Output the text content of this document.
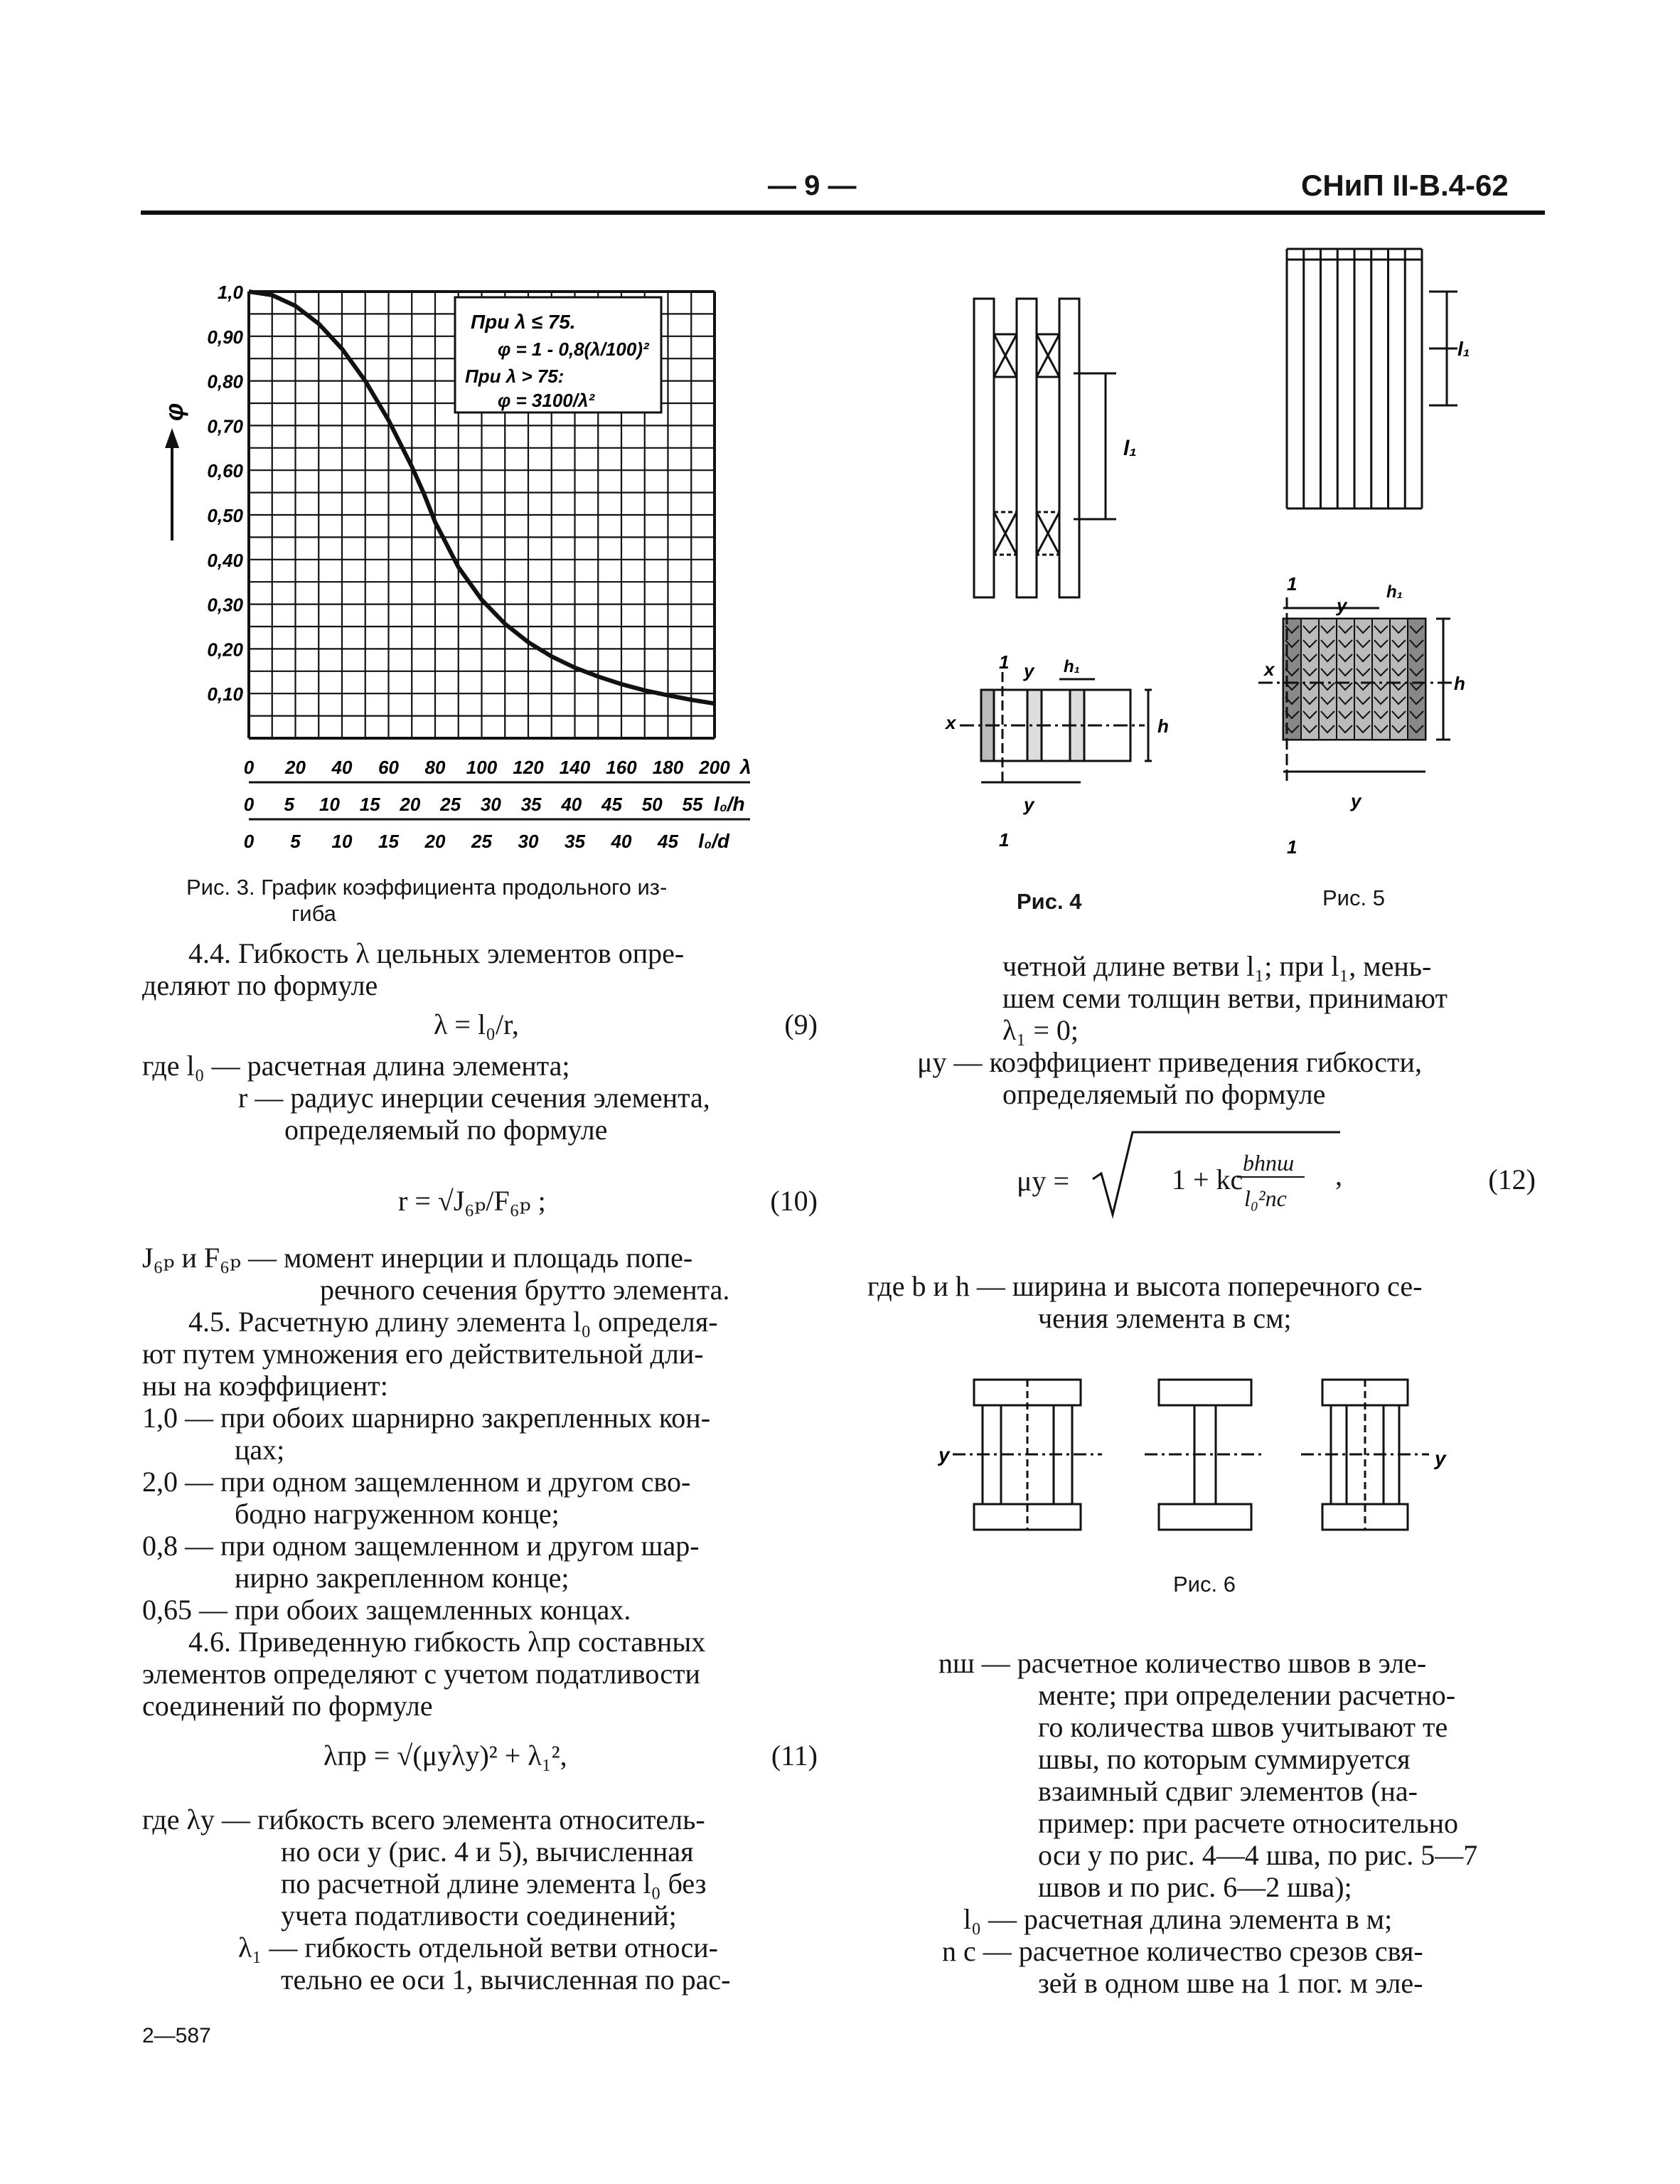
— 9 —	СНиП II-В.4-62
1,0
0,90
0,80
0,70
0,60
0,50
0,40
0,30
0,20
0,10
0 20 40 60 80 100 120 140 160 180 200 λ
0 5 10 15 20 25 30 35 40 45 50 55 l₀/h
0 5 10 15 20 25 30 35 40 45 l₀/d
φ
При λ ≤ 75.
φ = 1 - 0,8(λ/100)²
При λ > 75:
φ = 3100/λ²
Рис. 3. График коэффициента продольного из-
гиба
l₁
y h₁
x	h
1
y
1
Рис. 4
l₁
y
h₁
x
h
1
y
1
Рис. 5
y	y
Рис. 6
4.4. Гибкость λ цельных элементов опре-
деляют по формуле
λ = l₀/r,	(9)
где l₀ — расчетная длина элемента;
r — радиус инерции сечения элемента,
определяемый по формуле
r = √J₆ₚ/F₆ₚ ;	(10)
J₆ₚ и F₆ₚ — момент инерции и площадь попе-
речного сечения брутто элемента.
4.5. Расчетную длину элемента l₀ определя-
ют путем умножения его действительной дли-
ны на коэффициент:
1,0 — при обоих шарнирно закрепленных кон-
цах;
2,0 — при одном защемленном и другом сво-
бодно нагруженном конце;
0,8 — при одном защемленном и другом шар-
нирно закрепленном конце;
0,65 — при обоих защемленных концах.
4.6. Приведенную гибкость λпр составных
элементов определяют с учетом податливости
соединений по формуле
λпр = √(μyλy)² + λ₁²,	(11)
где λy — гибкость всего элемента относитель-
но оси y (рис. 4 и 5), вычисленная
по расчетной длине элемента l₀ без
учета податливости соединений;
λ₁ — гибкость отдельной ветви относи-
тельно ее оси 1, вычисленная по рас-
2—587
четной длине ветви l₁; при l₁, мень-
шем семи толщин ветви, принимают
λ₁ = 0;
μy — коэффициент приведения гибкости,
определяемый по формуле
μy =	1 + kc
bhnш
l₀²nc
,	(12)
где b и h — ширина и высота поперечного се-
чения элемента в см;
nш — расчетное количество швов в эле-
менте; при определении расчетно-
го количества швов учитывают те
швы, по которым суммируется
взаимный сдвиг элементов (на-
пример: при расчете относительно
оси y по рис. 4—4 шва, по рис. 5—7
швов и по рис. 6—2 шва);
l₀ — расчетная длина элемента в м;
n c — расчетное количество срезов свя-
зей в одном шве на 1 пог. м эле-
